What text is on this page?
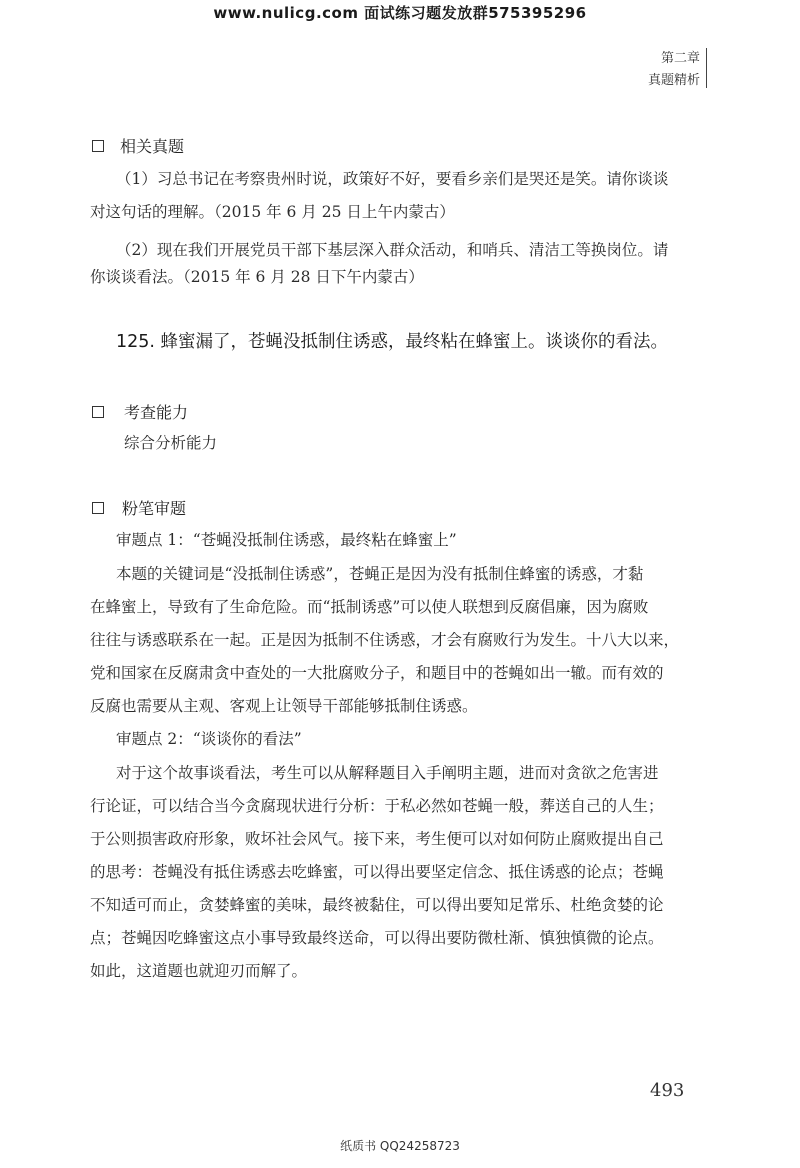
www.nulicg.com 面试练习题发放群575395296
第二章
真题精析
相关真题
（1）习总书记在考察贵州时说，政策好不好，要看乡亲们是哭还是笑。请你谈谈
对这句话的理解。（2015 年 6 月 25 日上午内蒙古）
（2）现在我们开展党员干部下基层深入群众活动，和哨兵、清洁工等换岗位。请
你谈谈看法。（2015 年 6 月 28 日下午内蒙古）
125. 蜂蜜漏了，苍蝇没抵制住诱惑，最终粘在蜂蜜上。谈谈你的看法。
考查能力
综合分析能力
粉笔审题
审题点 1：“苍蝇没抵制住诱惑，最终粘在蜂蜜上”
本题的关键词是“没抵制住诱惑”，苍蝇正是因为没有抵制住蜂蜜的诱惑，才黏
在蜂蜜上，导致有了生命危险。而“抵制诱惑”可以使人联想到反腐倡廉，因为腐败
往往与诱惑联系在一起。正是因为抵制不住诱惑，才会有腐败行为发生。十八大以来，
党和国家在反腐肃贪中查处的一大批腐败分子，和题目中的苍蝇如出一辙。而有效的
反腐也需要从主观、客观上让领导干部能够抵制住诱惑。
审题点 2：“谈谈你的看法”
对于这个故事谈看法，考生可以从解释题目入手阐明主题，进而对贪欲之危害进
行论证，可以结合当今贪腐现状进行分析：于私必然如苍蝇一般，葬送自己的人生；
于公则损害政府形象，败坏社会风气。接下来，考生便可以对如何防止腐败提出自己
的思考：苍蝇没有抵住诱惑去吃蜂蜜，可以得出要坚定信念、抵住诱惑的论点；苍蝇
不知适可而止，贪婪蜂蜜的美味，最终被黏住，可以得出要知足常乐、杜绝贪婪的论
点；苍蝇因吃蜂蜜这点小事导致最终送命，可以得出要防微杜渐、慎独慎微的论点。
如此，这道题也就迎刃而解了。
493
纸质书 QQ24258723
